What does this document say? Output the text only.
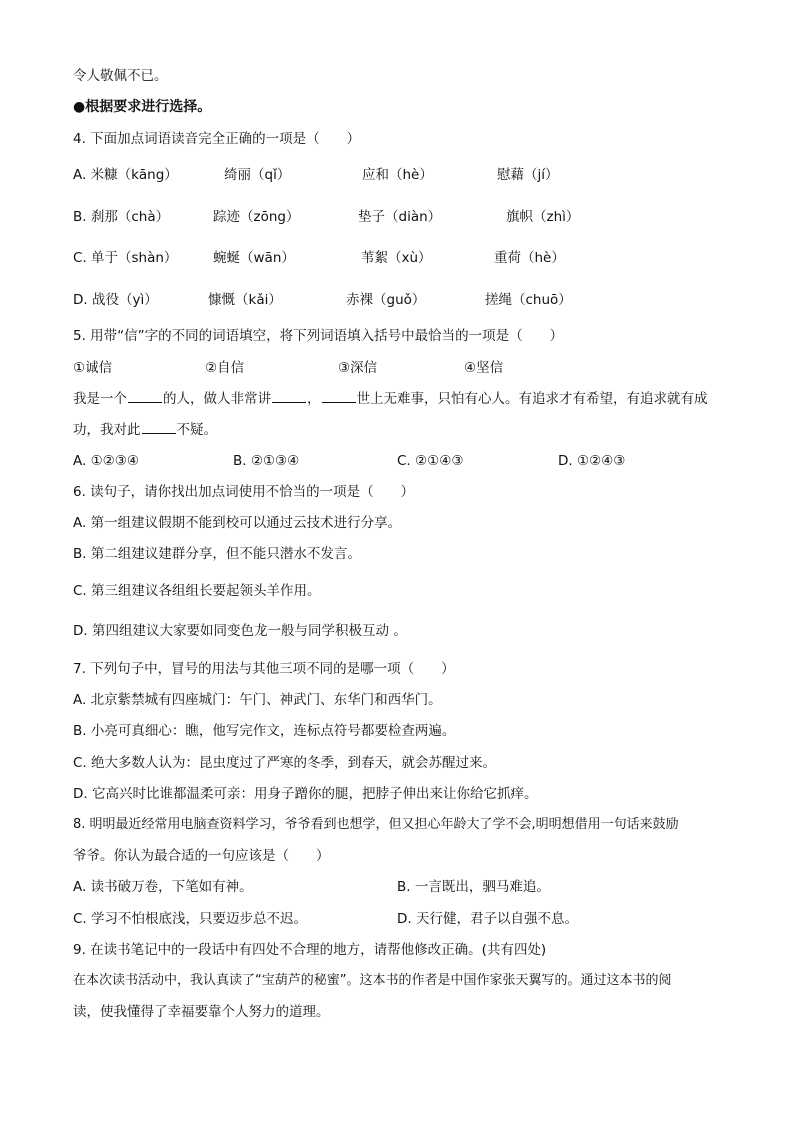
令人敬佩不已。

●根据要求进行选择。

4. 下面加点词语读音完全正确的一项是（　　）

A. 米糠（kāng）	绮丽（qǐ）	应和（hè）	慰藉（jí）
B. 刹那（chà）	踪迹（zōng）	垫子（diàn）	旗帜（zhì）
C. 单于（shàn）	蜿蜒（wān）	苇絮（xù）	重荷（hè）
D. 战役（yì）	慷慨（kǎi）	赤裸（guǒ）	搓绳（chuō）

5. 用带“信”字的不同的词语填空，将下列词语填入括号中最恰当的一项是（　　）

①诚信	②自信	③深信	④坚信

我是一个	的人，做人非常讲	，	世上无难事，只怕有心人。有追求才有希望，有追求就有成

功，我对此	不疑。

A. ①②③④	B. ②①③④	C. ②①④③	D. ①②④③

6. 读句子，请你找出加点词使用不恰当的一项是（　　）

A. 第一组建议假期不能到校可以通过云技术进行分享。

B. 第二组建议建群分享，但不能只潜水不发言。

C. 第三组建议各组组长要起领头羊作用。

D. 第四组建议大家要如同变色龙一般与同学积极互动 。

7. 下列句子中，冒号的用法与其他三项不同的是哪一项（　　）

A. 北京紫禁城有四座城门：午门、神武门、东华门和西华门。

B. 小亮可真细心：瞧，他写完作文，连标点符号都要检查两遍。

C. 绝大多数人认为：昆虫度过了严寒的冬季，到春天，就会苏醒过来。

D. 它高兴时比谁都温柔可亲：用身子蹭你的腿，把脖子伸出来让你给它抓痒。

8. 明明最近经常用电脑查资料学习，爷爷看到也想学，但又担心年龄大了学不会,明明想借用一句话来鼓励

爷爷。你认为最合适的一句应该是（　　）

A. 读书破万卷，下笔如有神。	B. 一言既出，驷马难追。
C. 学习不怕根底浅，只要迈步总不迟。	D. 天行健，君子以自强不息。

9. 在读书笔记中的一段话中有四处不合理的地方，请帮他修改正确。(共有四处)

在本次读书活动中，我认真读了“宝葫芦的秘蜜”。这本书的作者是中国作家张天翼写的。通过这本书的阅

读，使我懂得了幸福要靠个人努力的道理。
